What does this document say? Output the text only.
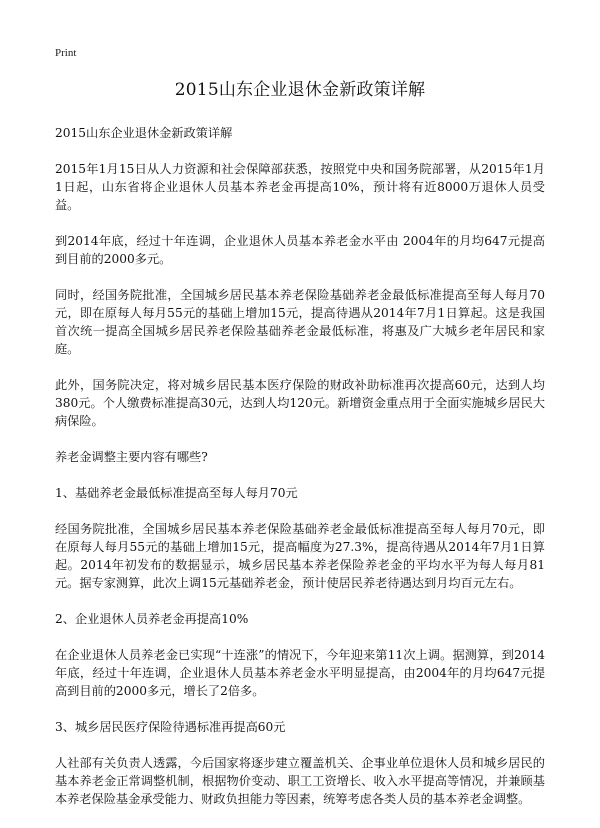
Print
2015山东企业退休金新政策详解

2015山东企业退休金新政策详解

2015年1月15日从人力资源和社会保障部获悉，按照党中央和国务院部署，从2015年1月1日起，山东省将企业退休人员基本养老金再提高10%，预计将有近8000万退休人员受益。

到2014年底，经过十年连调，企业退休人员基本养老金水平由 2004年的月均647元提高到目前的2000多元。

同时，经国务院批准，全国城乡居民基本养老保险基础养老金最低标准提高至每人每月70元，即在原每人每月55元的基础上增加15元，提高待遇从2014年7月1日算起。这是我国首次统一提高全国城乡居民养老保险基础养老金最低标准，将惠及广大城乡老年居民和家庭。

此外，国务院决定，将对城乡居民基本医疗保险的财政补助标准再次提高60元，达到人均380元。个人缴费标准提高30元，达到人均120元。新增资金重点用于全面实施城乡居民大病保险。

养老金调整主要内容有哪些?

1、基础养老金最低标准提高至每人每月70元

经国务院批准，全国城乡居民基本养老保险基础养老金最低标准提高至每人每月70元，即在原每人每月55元的基础上增加15元，提高幅度为27.3%，提高待遇从2014年7月1日算起。2014年初发布的数据显示，城乡居民基本养老保险养老金的平均水平为每人每月81元。据专家测算，此次上调15元基础养老金，预计使居民养老待遇达到月均百元左右。

2、企业退休人员养老金再提高10%

在企业退休人员养老金已实现“十连涨”的情况下，今年迎来第11次上调。据测算，到2014年底，经过十年连调，企业退休人员基本养老金水平明显提高，由2004年的月均647元提高到目前的2000多元，增长了2倍多。

3、城乡居民医疗保险待遇标准再提高60元

人社部有关负责人透露，今后国家将逐步建立覆盖机关、企事业单位退休人员和城乡居民的基本养老金正常调整机制，根据物价变动、职工工资增长、收入水平提高等情况，并兼顾基本养老保险基金承受能力、财政负担能力等因素，统筹考虑各类人员的基本养老金调整。
